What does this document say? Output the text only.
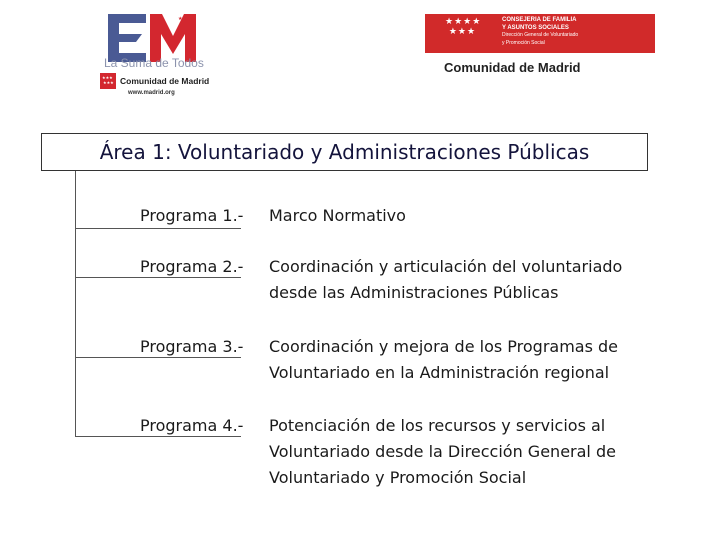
★ ★ ★
La Suma de Todos
★★★
★★★ Comunidad de Madrid
www.madrid.org
★★★★
★★★
CONSEJERIA DE FAMILIA
Y ASUNTOS SOCIALES
Dirección General de Voluntariado
y Promoción Social
Comunidad de Madrid
Área 1: Voluntariado y Administraciones Públicas
Programa 1.- Marco Normativo
Programa 2.- Coordinación y articulación del voluntariado
desde las Administraciones Públicas
Programa 3.- Coordinación y mejora de los Programas de
Voluntariado en la Administración regional
Programa 4.- Potenciación de los recursos y servicios al
Voluntariado desde la Dirección General de
Voluntariado y Promoción Social
